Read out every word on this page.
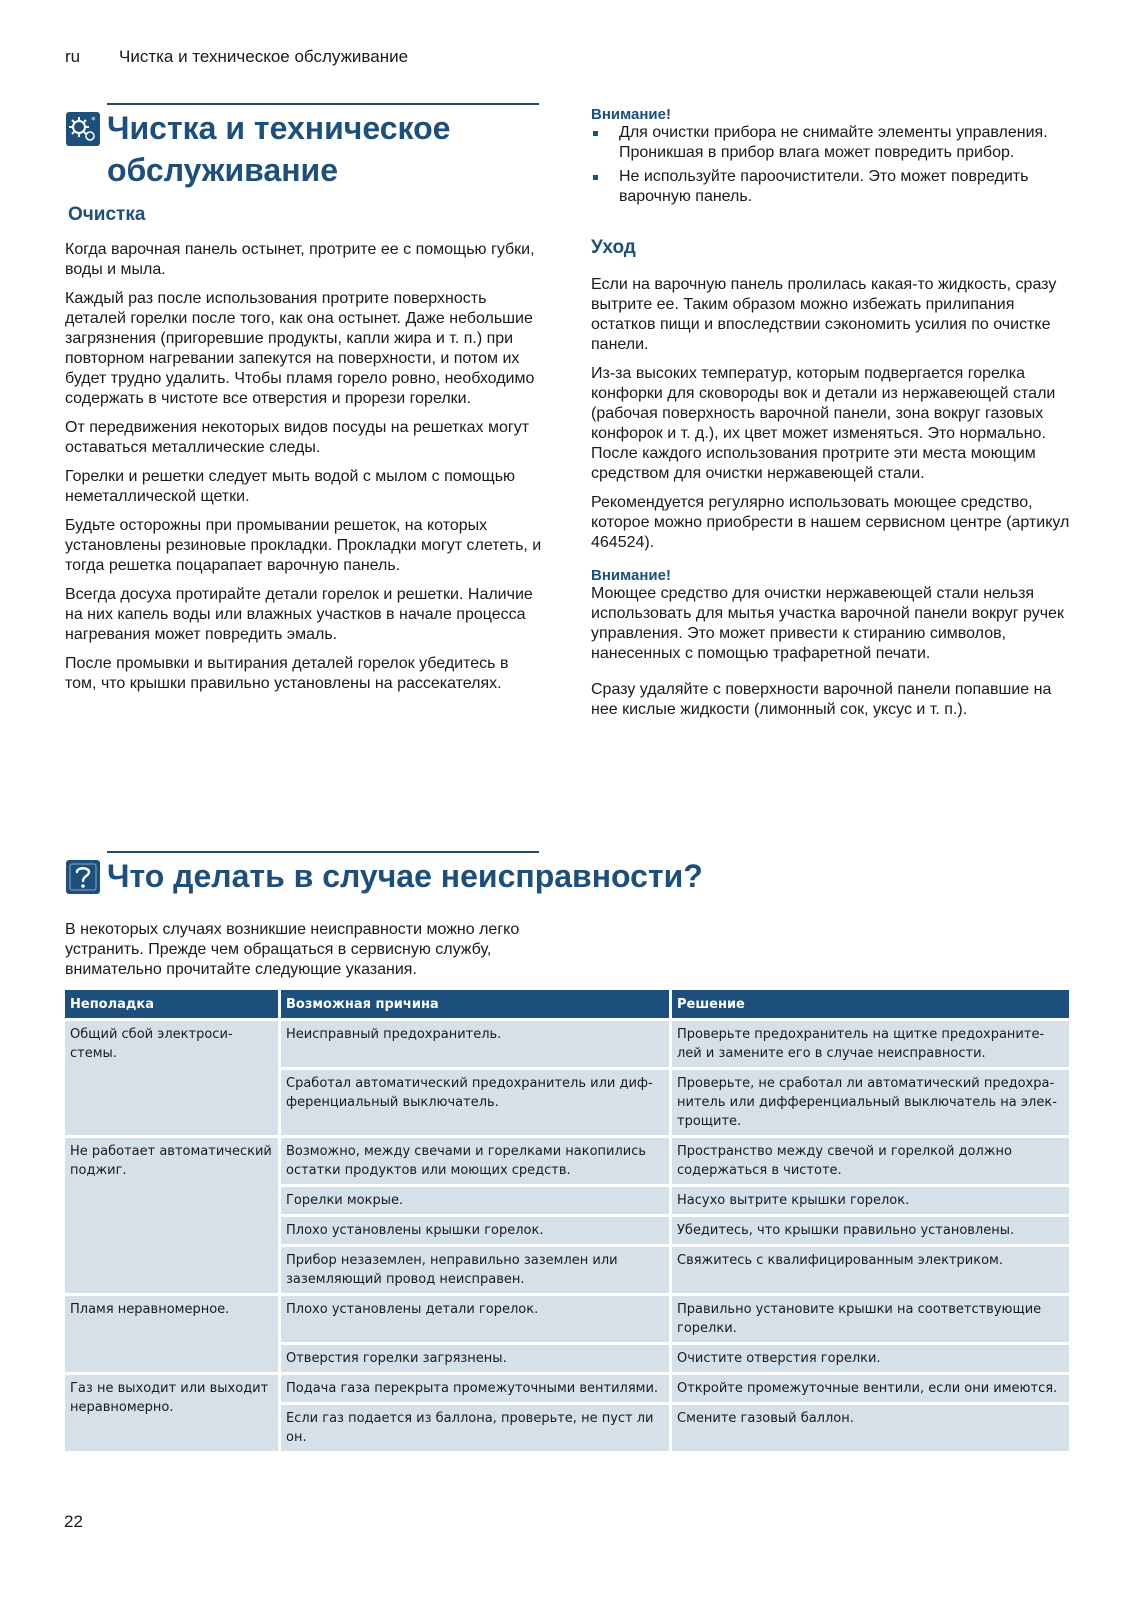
ru Чистка и техническое обслуживание
* Чистка и техническое
обслуживание
Очистка

Когда варочная панель остынет, протрите ее с помощью губки, воды и мыла.

Каждый раз после использования протрите поверхность деталей горелки после того, как она остынет. Даже небольшие загрязнения (пригоревшие продукты, капли жира и т. п.) при повторном нагревании запекутся на поверхности, и потом их будет трудно удалить. Чтобы пламя горело ровно, необходимо содержать в чистоте все отверстия и прорези горелки.

От передвижения некоторых видов посуды на решетках могут оставаться металлические следы.

Горелки и решетки следует мыть водой с мылом с помощью неметаллической щетки.

Будьте осторожны при промывании решеток, на которых установлены резиновые прокладки. Прокладки могут слететь, и тогда решетка поцарапает варочную панель.

Всегда досуха протирайте детали горелок и решетки. Наличие на них капель воды или влажных участков в начале процесса нагревания может повредить эмаль.

После промывки и вытирания деталей горелок убедитесь в том, что крышки правильно установлены на рассекателях.

Внимание!
Для очистки прибора не снимайте элементы управления. Проникшая в прибор влага может повредить прибор.
Не используйте пароочистители. Это может повредить варочную панель.
Уход

Если на варочную панель пролилась какая-то жидкость, сразу вытрите ее. Таким образом можно избежать прилипания остатков пищи и впоследствии сэкономить усилия по очистке панели.

Из-за высоких температур, которым подвергается горелка конфорки для сковороды вок и детали из нержавеющей стали (рабочая поверхность варочной панели, зона вокруг газовых конфорок и т. д.), их цвет может изменяться. Это нормально. После каждого использования протрите эти места моющим средством для очистки нержавеющей стали.

Рекомендуется регулярно использовать моющее средство, которое можно приобрести в нашем сервисном центре (артикул 464524).

Внимание!

Моющее средство для очистки нержавеющей стали нельзя использовать для мытья участка варочной панели вокруг ручек управления. Это может привести к стиранию символов, нанесенных с помощью трафаретной печати.

Сразу удаляйте с поверхности варочной панели попавшие на нее кислые жидкости (лимонный сок, уксус и т. п.).

Что делать в случае неисправности?
В некоторых случаях возникшие неисправности можно легко устранить. Прежде чем обращаться в сервисную службу, внимательно прочитайте следующие указания.
Неполадка	Возможная причина	Решение
Общий сбой электроси-стемы.	Неисправный предохранитель.	Проверьте предохранитель на щитке предохраните-лей и замените его в случае неисправности.
	Сработал автоматический предохранитель или диф-ференциальный выключатель.	Проверьте, не сработал ли автоматический предохра-нитель или дифференциальный выключатель на элек-трощите.
Не работает автоматический поджиг.	Возможно, между свечами и горелками накопились остатки продуктов или моющих средств.	Пространство между свечой и горелкой должно содержаться в чистоте.
	Горелки мокрые.	Насухо вытрите крышки горелок.
	Плохо установлены крышки горелок.	Убедитесь, что крышки правильно установлены.
	Прибор незаземлен, неправильно заземлен или заземляющий провод неисправен.	Свяжитесь с квалифицированным электриком.
Пламя неравномерное.	Плохо установлены детали горелок.	Правильно установите крышки на соответствующие горелки.
	Отверстия горелки загрязнены.	Очистите отверстия горелки.
Газ не выходит или выходит неравномерно.	Подача газа перекрыта промежуточными вентилями.	Откройте промежуточные вентили, если они имеются.
	Если газ подается из баллона, проверьте, не пуст ли он.	Смените газовый баллон.
22
